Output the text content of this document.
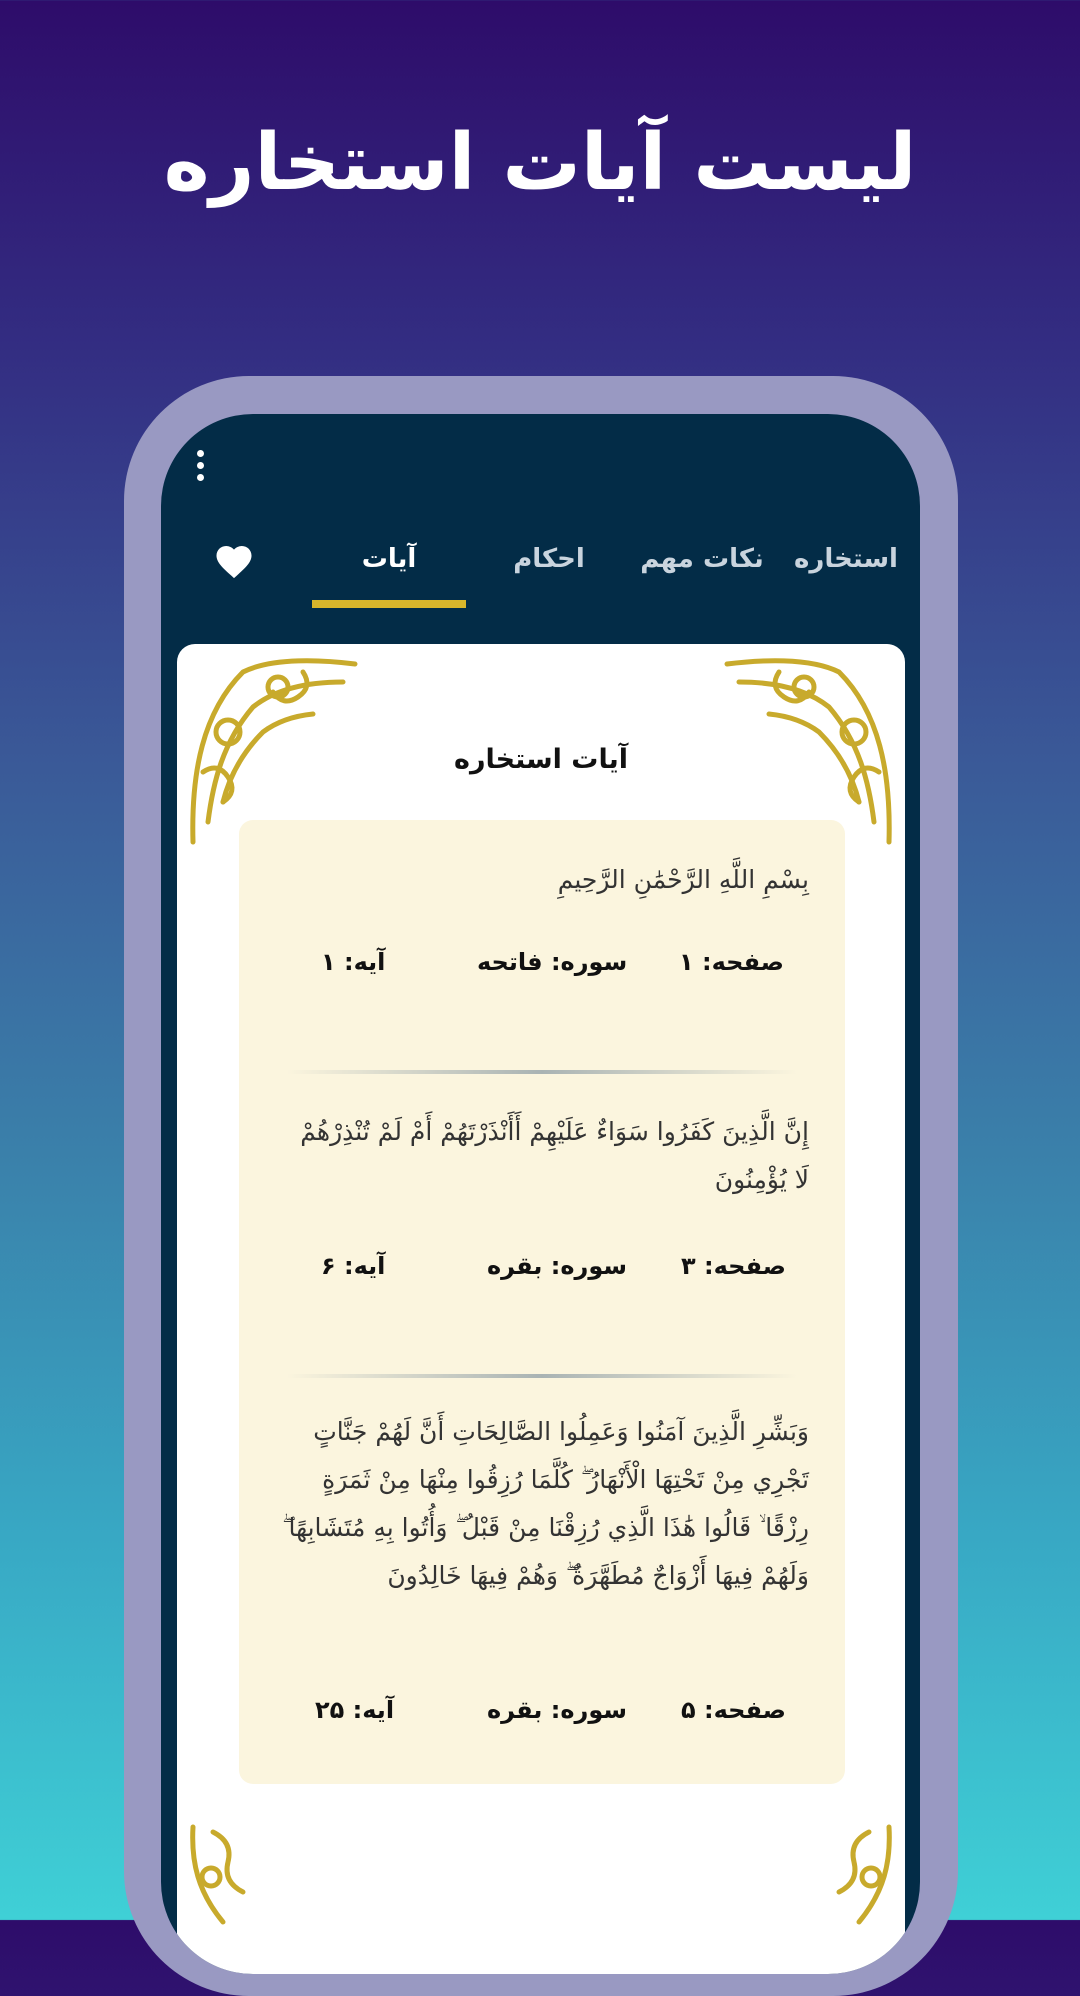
لیست آیات استخاره
استخاره
نکات مهم
احکام
آیات
آیات استخاره
بِسْمِ اللَّهِ الرَّحْمَٰنِ الرَّحِيمِ
صفحه: ۱
سوره: فاتحه
آیه: ۱
إِنَّ الَّذِينَ كَفَرُوا سَوَاءٌ عَلَيْهِمْ أَأَنْذَرْتَهُمْ أَمْ لَمْ تُنْذِرْهُمْ لَا يُؤْمِنُونَ
صفحه: ۳
سوره: بقره
آیه: ۶
وَبَشِّرِ الَّذِينَ آمَنُوا وَعَمِلُوا الصَّالِحَاتِ أَنَّ لَهُمْ جَنَّاتٍ تَجْرِي مِنْ تَحْتِهَا الْأَنْهَارُ ۖ كُلَّمَا رُزِقُوا مِنْهَا مِنْ ثَمَرَةٍ رِزْقًا ۙ قَالُوا هَٰذَا الَّذِي رُزِقْنَا مِنْ قَبْلُ ۖ وَأُتُوا بِهِ مُتَشَابِهًا ۖ وَلَهُمْ فِيهَا أَزْوَاجٌ مُطَهَّرَةٌ ۖ وَهُمْ فِيهَا خَالِدُونَ
صفحه: ۵
سوره: بقره
آیه: ۲۵
